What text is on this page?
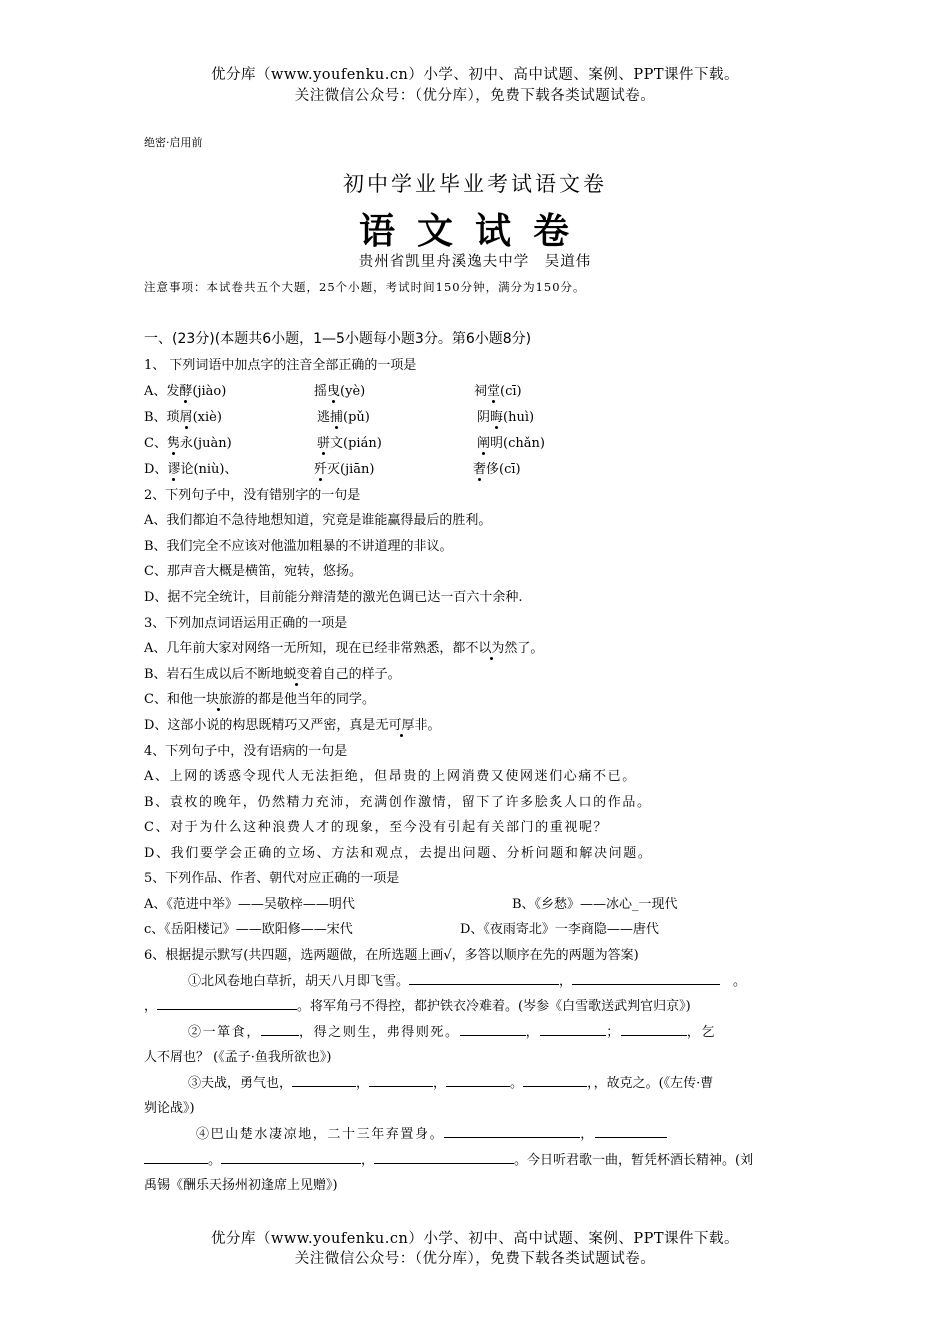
优分库（www.youfenku.cn）小学、初中、高中试题、案例、PPT课件下载。
关注微信公众号：（优分库），免费下载各类试题试卷。
绝密·启用前
初中学业毕业考试语文卷
语文试卷
贵州省凯里舟溪逸夫中学　吴道伟
注意事项：本试卷共五个大题，25个小题，考试时间150分钟，满分为150分。
一、(23分)(本题共6小题，1—5小题每小题3分。第6小题8分)
1、 下列词语中加点字的注音全部正确的一项是
A、发酵(jiào)	摇曳(yè)	祠堂(cī)
B、琐屑(xiè)	逃捕(pǔ)	阴晦(huì)
C、隽永(juàn)	骈文(pián)	阐明(chǎn)
D、谬论(niù)、	歼灭(jiān)	奢侈(cī)
2、下列句子中，没有错别字的一句是
A、我们都迫不急待地想知道，究竟是谁能赢得最后的胜利。
B、我们完全不应该对他滥加粗暴的不讲道理的非议。
C、那声音大概是横笛，宛转，悠扬。
D、据不完全统计，目前能分辩清楚的激光色调已达一百六十余种.
3、下列加点词语运用正确的一项是
A、几年前大家对网络一无所知，现在已经非常熟悉，都不以为然了。
B、岩石生成以后不断地蜕变着自己的样子。
C、和他一块旅游的都是他当年的同学。
D、这部小说的构思既精巧又严密，真是无可厚非。
4、下列句子中，没有语病的一句是
A、上网的诱惑令现代人无法拒绝，但昂贵的上网消费又使网迷们心痛不已。
B、袁枚的晚年，仍然精力充沛，充满创作激情，留下了许多脍炙人口的作品。
C、对于为什么这种浪费人才的现象，至今没有引起有关部门的重视呢？
D、我们要学会正确的立场、方法和观点，去提出问题、分析问题和解决问题。
5、下列作品、作者、朝代对应正确的一项是
A、《范进中举》——吴敬梓——明代	B、《乡愁》——冰心_一现代
c、《岳阳楼记》——欧阳修——宋代	D、《夜雨寄北》一李商隐——唐代
6、根据提示默写(共四题，选两题做，在所选题上画√，多答以顺序在先的两题为答案)
①北风卷地白草折，胡天八月即飞雪。	，	　。
，	。将军角弓不得控，都护铁衣冷难着。(岑参《白雪歌送武判官归京》)
②一箪食，	，得之则生，弗得则死。	，	；	，乞
人不屑也？ (《孟子·鱼我所欲也》)
③夫战，勇气也，	，	，	。	，，故克之。(《左传·曹
刿论战》)
④巴山楚水凄凉地，二十三年弃置身。	，
。	，	。今日听君歌一曲，暂凭杯酒长精神。(刘
禹锡《酬乐天扬州初逢席上见赠》)
优分库（www.youfenku.cn）小学、初中、高中试题、案例、PPT课件下载。
关注微信公众号：（优分库），免费下载各类试题试卷。
